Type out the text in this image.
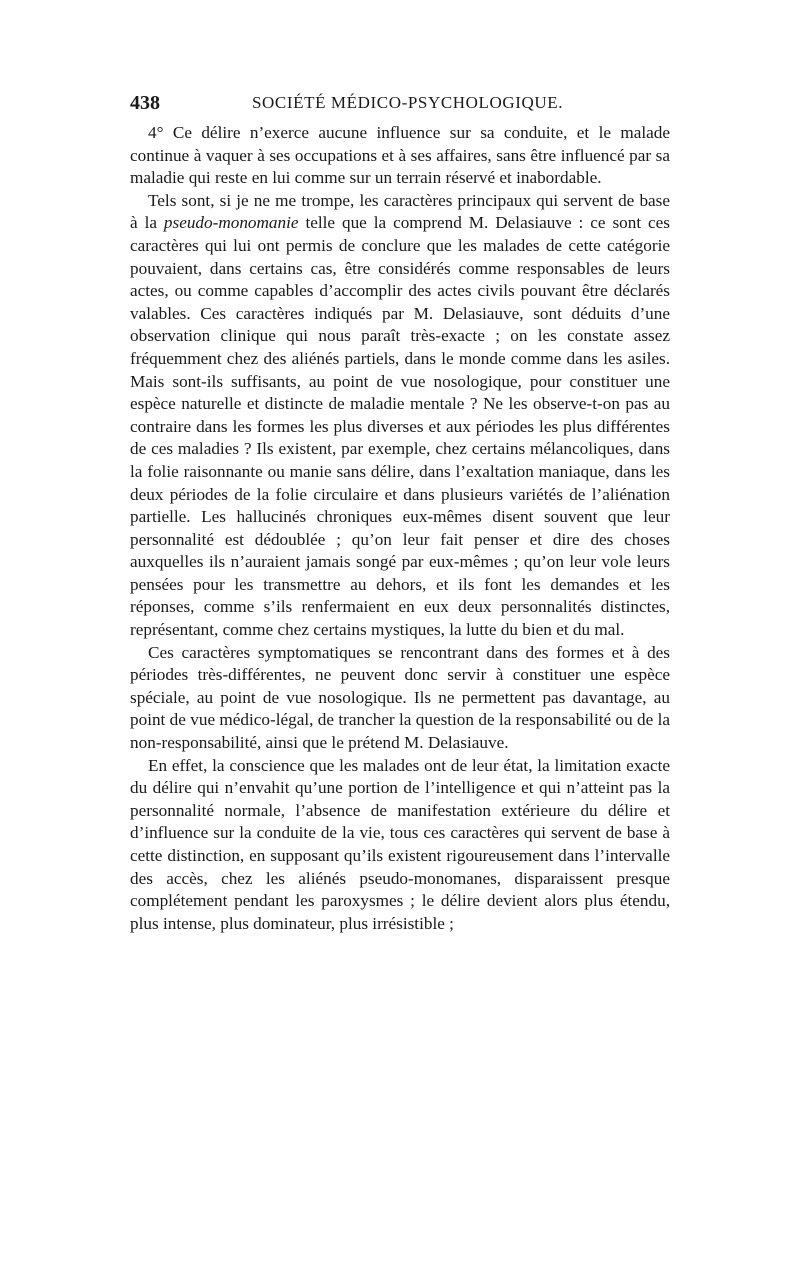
438	SOCIÉTÉ MÉDICO-PSYCHOLOGIQUE.

4° Ce délire n’exerce aucune influence sur sa conduite, et le malade continue à vaquer à ses occupations et à ses affaires, sans être influencé par sa maladie qui reste en lui comme sur un terrain réservé et inabordable.

Tels sont, si je ne me trompe, les caractères principaux qui servent de base à la pseudo-monomanie telle que la comprend M. Delasiauve : ce sont ces caractères qui lui ont permis de conclure que les malades de cette catégorie pouvaient, dans certains cas, être considérés comme responsables de leurs actes, ou comme capables d’accomplir des actes civils pouvant être déclarés valables. Ces caractères indiqués par M. Delasiauve, sont déduits d’une observation clinique qui nous paraît très-exacte ; on les constate assez fréquemment chez des aliénés partiels, dans le monde comme dans les asiles. Mais sont-ils suffisants, au point de vue nosologique, pour constituer une espèce naturelle et distincte de maladie mentale ? Ne les observe-t-on pas au contraire dans les formes les plus diverses et aux périodes les plus différentes de ces maladies ? Ils existent, par exemple, chez certains mélancoliques, dans la folie raisonnante ou manie sans délire, dans l’exaltation maniaque, dans les deux périodes de la folie circulaire et dans plusieurs variétés de l’aliénation partielle. Les hallucinés chroniques eux-mêmes disent souvent que leur personnalité est dédoublée ; qu’on leur fait penser et dire des choses auxquelles ils n’auraient jamais songé par eux-mêmes ; qu’on leur vole leurs pensées pour les transmettre au dehors, et ils font les demandes et les réponses, comme s’ils renfermaient en eux deux personnalités distinctes, représentant, comme chez certains mystiques, la lutte du bien et du mal.

Ces caractères symptomatiques se rencontrant dans des formes et à des périodes très-différentes, ne peuvent donc servir à constituer une espèce spéciale, au point de vue nosologique. Ils ne permettent pas davantage, au point de vue médico-légal, de trancher la question de la responsabilité ou de la non-responsabilité, ainsi que le prétend M. Delasiauve.

En effet, la conscience que les malades ont de leur état, la limitation exacte du délire qui n’envahit qu’une portion de l’intelligence et qui n’atteint pas la personnalité normale, l’absence de manifestation extérieure du délire et d’influence sur la conduite de la vie, tous ces caractères qui servent de base à cette distinction, en supposant qu’ils existent rigoureusement dans l’intervalle des accès, chez les aliénés pseudo-monomanes, disparaissent presque complétement pendant les paroxysmes ; le délire devient alors plus étendu, plus intense, plus dominateur, plus irrésistible ;
